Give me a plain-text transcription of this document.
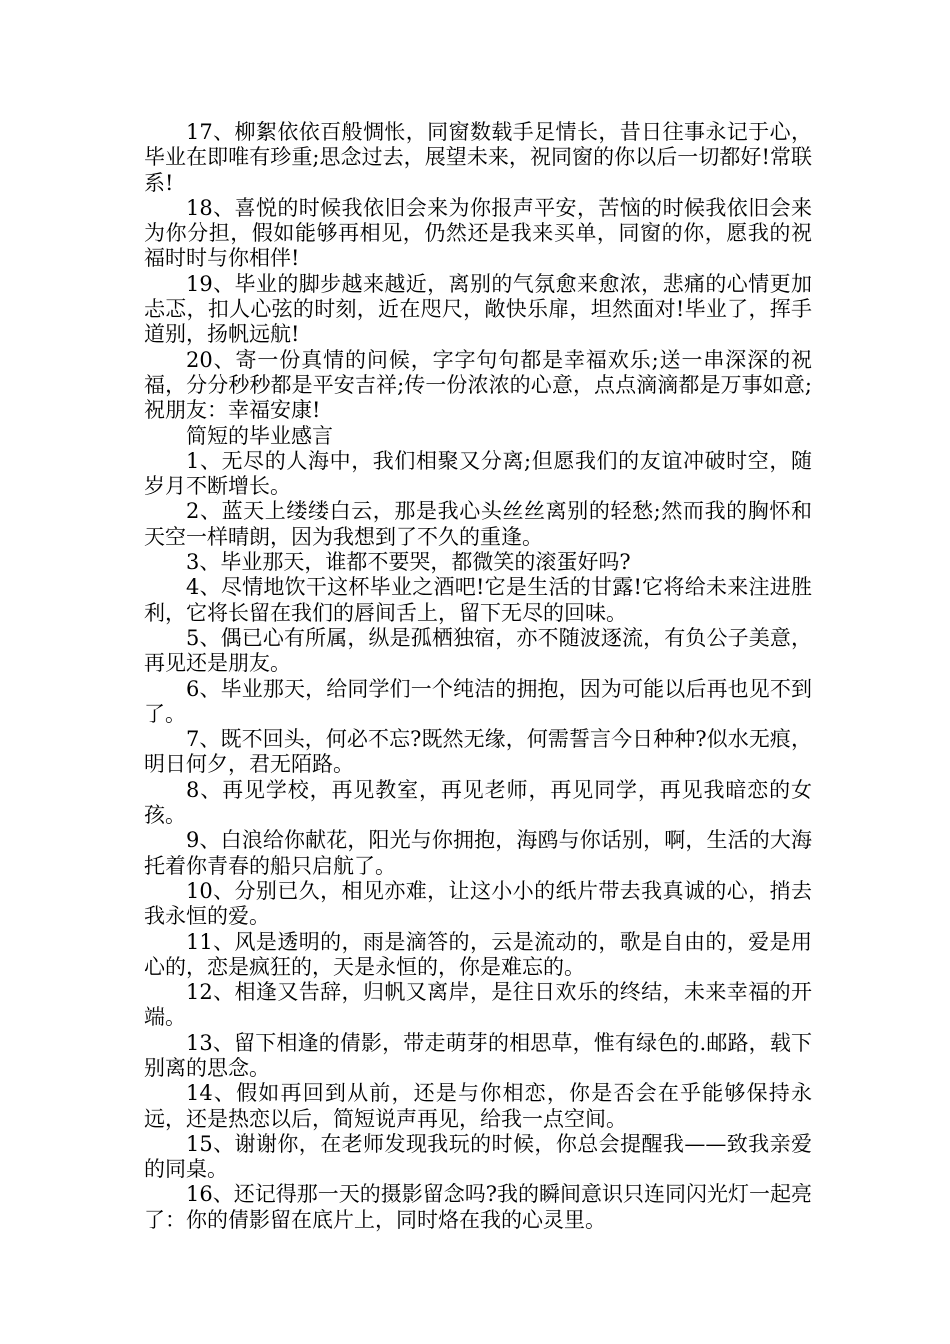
17、柳絮依依百般惆怅，同窗数载手足情长，昔日往事永记于心，毕业在即唯有珍重;思念过去，展望未来，祝同窗的你以后一切都好!常联系!

18、喜悦的时候我依旧会来为你报声平安，苦恼的时候我依旧会来为你分担，假如能够再相见，仍然还是我来买单，同窗的你，愿我的祝福时时与你相伴!

19、毕业的脚步越来越近，离别的气氛愈来愈浓，悲痛的心情更加忐忑，扣人心弦的时刻，近在咫尺，敞快乐扉，坦然面对!毕业了，挥手道别，扬帆远航!

20、寄一份真情的问候，字字句句都是幸福欢乐;送一串深深的祝福，分分秒秒都是平安吉祥;传一份浓浓的心意，点点滴滴都是万事如意;祝朋友：幸福安康!

简短的毕业感言

1、无尽的人海中，我们相聚又分离;但愿我们的友谊冲破时空，随岁月不断增长。

2、蓝天上缕缕白云，那是我心头丝丝离别的轻愁;然而我的胸怀和天空一样晴朗，因为我想到了不久的重逢。

3、毕业那天，谁都不要哭，都微笑的滚蛋好吗?

4、尽情地饮干这杯毕业之酒吧!它是生活的甘露!它将给未来注进胜利，它将长留在我们的唇间舌上，留下无尽的回味。

5、偶已心有所属，纵是孤栖独宿，亦不随波逐流，有负公子美意，再见还是朋友。

6、毕业那天，给同学们一个纯洁的拥抱，因为可能以后再也见不到了。

7、既不回头，何必不忘?既然无缘，何需誓言今日种种?似水无痕，明日何夕，君无陌路。

8、再见学校，再见教室，再见老师，再见同学，再见我暗恋的女孩。

9、白浪给你献花，阳光与你拥抱，海鸥与你话别，啊，生活的大海托着你青春的船只启航了。

10、分别已久，相见亦难，让这小小的纸片带去我真诚的心，捎去我永恒的爱。

11、风是透明的，雨是滴答的，云是流动的，歌是自由的，爱是用心的，恋是疯狂的，天是永恒的，你是难忘的。

12、相逢又告辞，归帆又离岸，是往日欢乐的终结，未来幸福的开端。

13、留下相逢的倩影，带走萌芽的相思草，惟有绿色的.邮路，载下别离的思念。

14、假如再回到从前，还是与你相恋，你是否会在乎能够保持永远，还是热恋以后，简短说声再见，给我一点空间。

15、谢谢你，在老师发现我玩的时候，你总会提醒我——致我亲爱的同桌。

16、还记得那一天的摄影留念吗?我的瞬间意识只连同闪光灯一起亮了：你的倩影留在底片上，同时烙在我的心灵里。
